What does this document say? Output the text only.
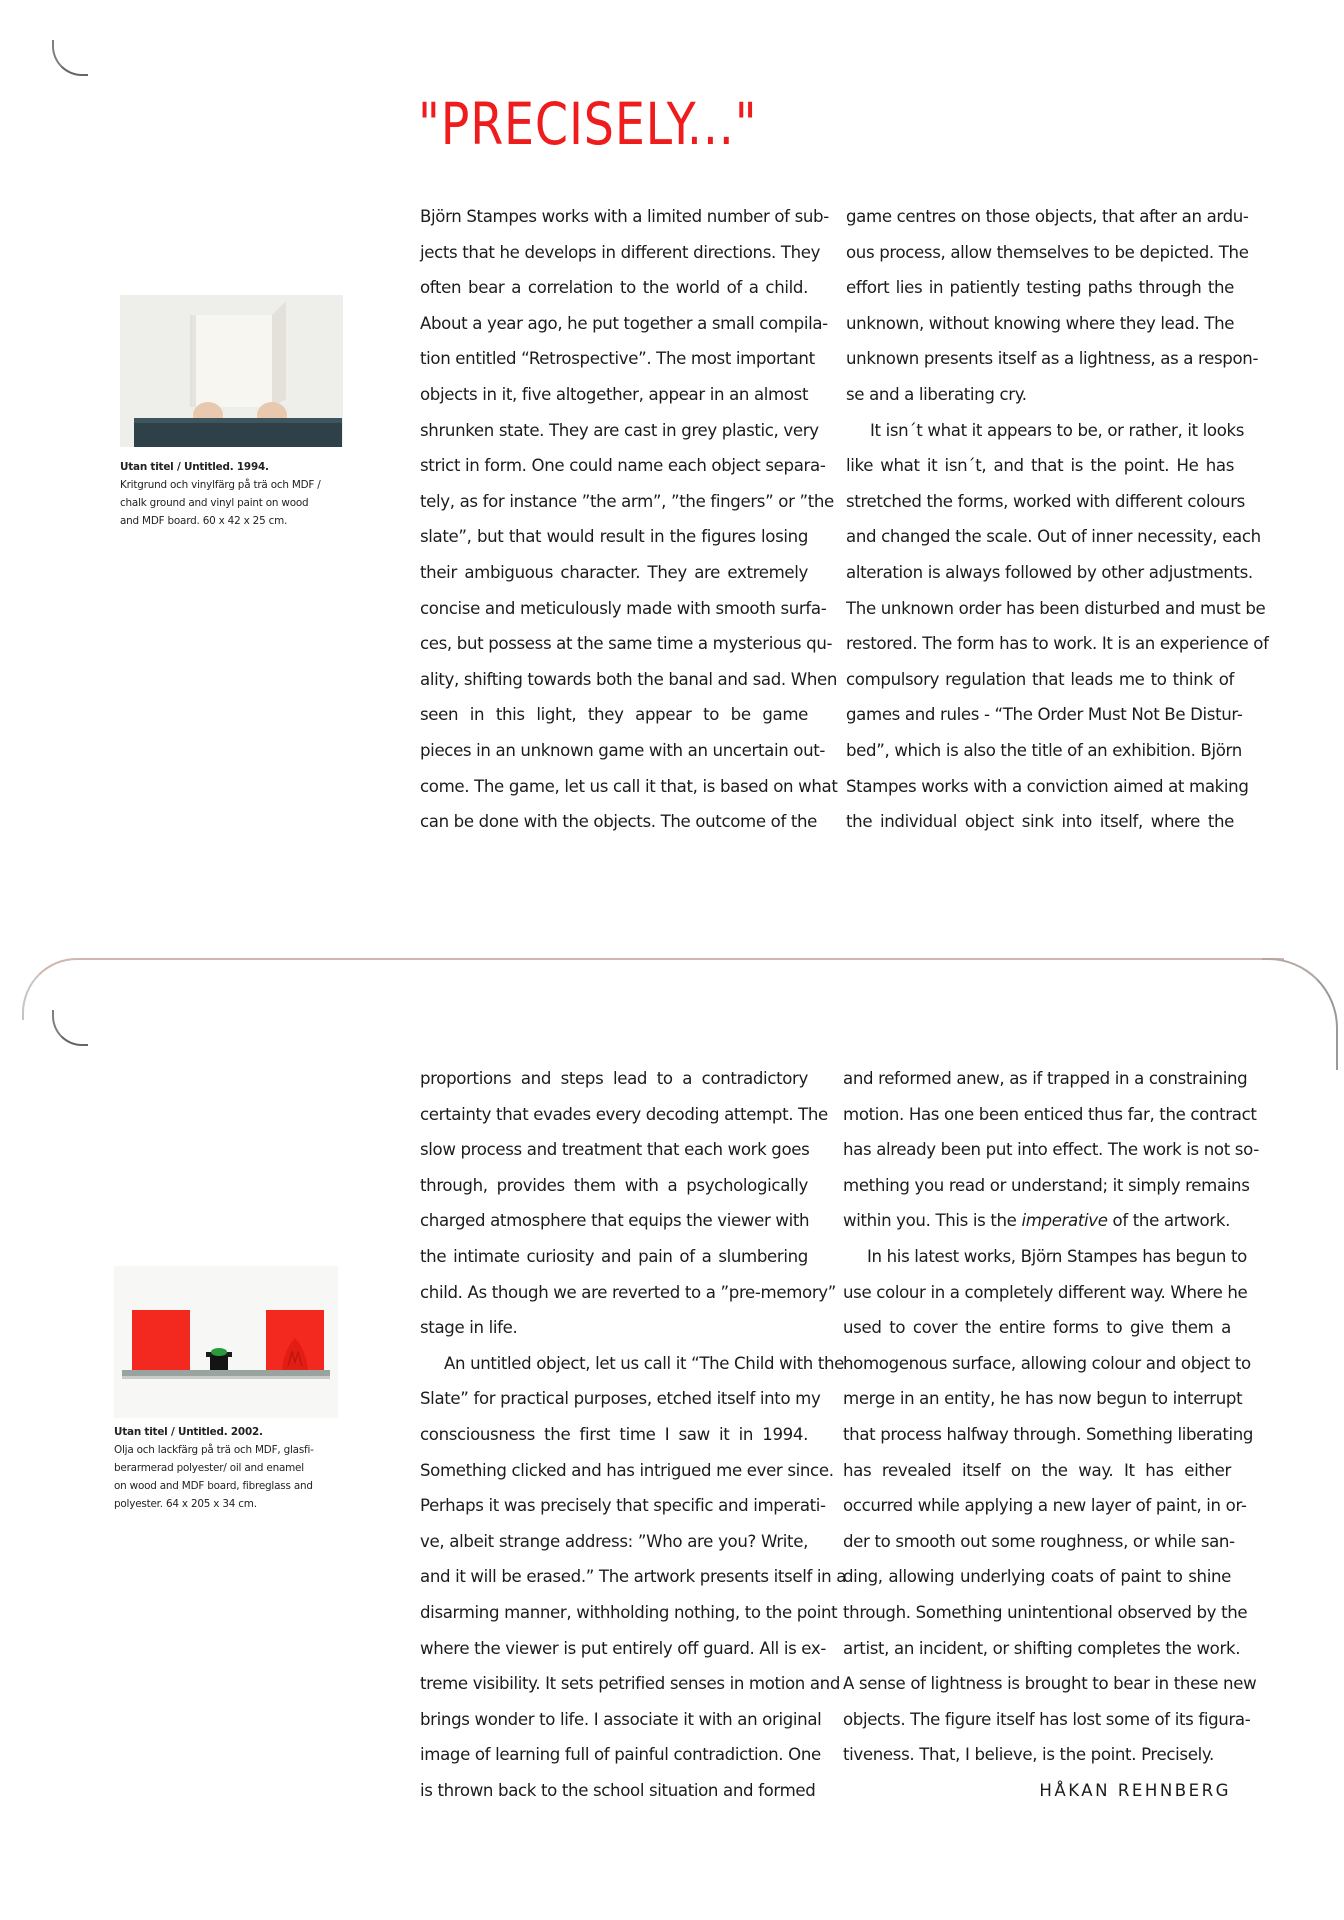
"PRECISELY..."
Utan titel / Untitled. 1994.
Kritgrund och vinylfärg på trä och MDF /
chalk ground and vinyl paint on wood
and MDF board. 60 x 42 x 25 cm.
Utan titel / Untitled. 2002.
Olja och lackfärg på trä och MDF, glasfi-
berarmerad polyester/ oil and enamel
on wood and MDF board, fibreglass and
polyester. 64 x 205 x 34 cm.
Björn Stampes works with a limited number of sub-
jects that he develops in different directions. They
often bear a correlation to the world of a child.
About a year ago, he put together a small compila-
tion entitled “Retrospective”. The most important
objects in it, five altogether, appear in an almost
shrunken state. They are cast in grey plastic, very
strict in form. One could name each object separa-
tely, as for instance ”the arm”, ”the fingers” or ”the
slate”, but that would result in the figures losing
their ambiguous character. They are extremely
concise and meticulously made with smooth surfa-
ces, but possess at the same time a mysterious qu-
ality, shifting towards both the banal and sad. When
seen in this light, they appear to be game
pieces in an unknown game with an uncertain out-
come. The game, let us call it that, is based on what
can be done with the objects. The outcome of the
game centres on those objects, that after an ardu-
ous process, allow themselves to be depicted. The
effort lies in patiently testing paths through the
unknown, without knowing where they lead. The
unknown presents itself as a lightness, as a respon-
se and a liberating cry.
It isn´t what it appears to be, or rather, it looks
like what it isn´t, and that is the point. He has
stretched the forms, worked with different colours
and changed the scale. Out of inner necessity, each
alteration is always followed by other adjustments.
The unknown order has been disturbed and must be
restored. The form has to work. It is an experience of
compulsory regulation that leads me to think of
games and rules - “The Order Must Not Be Distur-
bed”, which is also the title of an exhibition. Björn
Stampes works with a conviction aimed at making
the individual object sink into itself, where the
proportions and steps lead to a contradictory
certainty that evades every decoding attempt. The
slow process and treatment that each work goes
through, provides them with a psychologically
charged atmosphere that equips the viewer with
the intimate curiosity and pain of a slumbering
child. As though we are reverted to a ”pre-memory”
stage in life.
An untitled object, let us call it “The Child with the
Slate” for practical purposes, etched itself into my
consciousness the first time I saw it in 1994.
Something clicked and has intrigued me ever since.
Perhaps it was precisely that specific and imperati-
ve, albeit strange address: ”Who are you? Write,
and it will be erased.” The artwork presents itself in a
disarming manner, withholding nothing, to the point
where the viewer is put entirely off guard. All is ex-
treme visibility. It sets petrified senses in motion and
brings wonder to life. I associate it with an original
image of learning full of painful contradiction. One
is thrown back to the school situation and formed
and reformed anew, as if trapped in a constraining
motion. Has one been enticed thus far, the contract
has already been put into effect. The work is not so-
mething you read or understand; it simply remains
within you. This is the imperative of the artwork.
In his latest works, Björn Stampes has begun to
use colour in a completely different way. Where he
used to cover the entire forms to give them a
homogenous surface, allowing colour and object to
merge in an entity, he has now begun to interrupt
that process halfway through. Something liberating
has revealed itself on the way. It has either
occurred while applying a new layer of paint, in or-
der to smooth out some roughness, or while san-
ding, allowing underlying coats of paint to shine
through. Something unintentional observed by the
artist, an incident, or shifting completes the work.
A sense of lightness is brought to bear in these new
objects. The figure itself has lost some of its figura-
tiveness. That, I believe, is the point. Precisely.
HÅKAN REHNBERG
